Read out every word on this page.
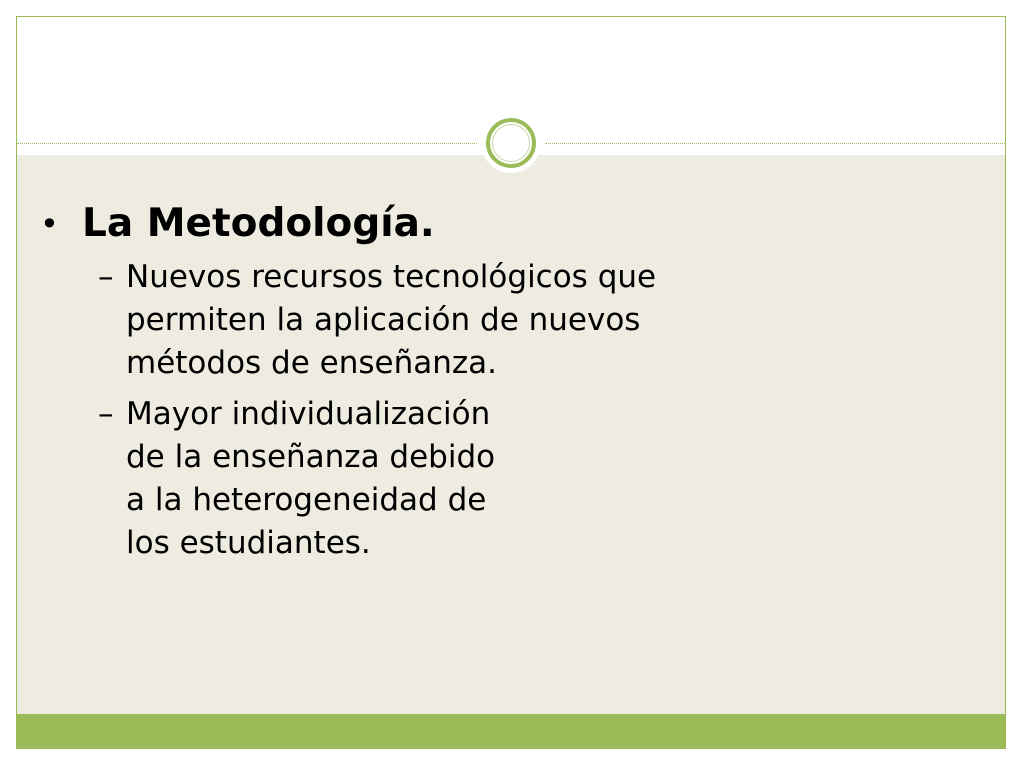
• La Metodología.
– Nuevos recursos tecnológicos que
permiten la aplicación de nuevos
métodos de enseñanza.
– Mayor individualización
de la enseñanza debido
a la heterogeneidad de
los estudiantes.
